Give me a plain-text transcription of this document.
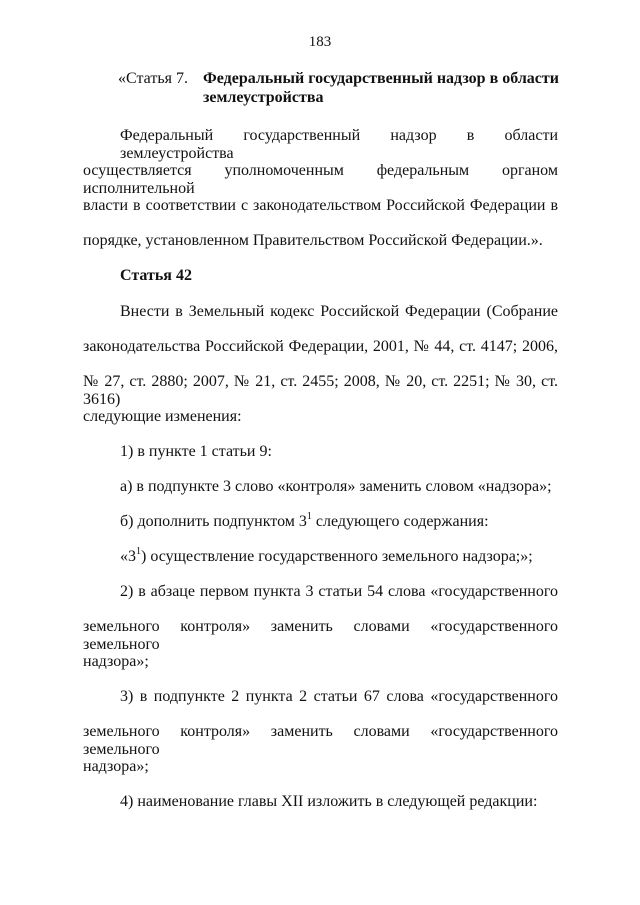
183
«Статья 7. Федеральный государственный надзор в области
землеустройства
Федеральный государственный надзор в области землеустройства
осуществляется уполномоченным федеральным органом исполнительной
власти в соответствии с законодательством Российской Федерации в
порядке, установленном Правительством Российской Федерации.».
Статья 42
Внести в Земельный кодекс Российской Федерации (Собрание
законодательства Российской Федерации, 2001, № 44, ст. 4147; 2006,
№ 27, ст. 2880; 2007, № 21, ст. 2455; 2008, № 20, ст. 2251; № 30, ст. 3616)
следующие изменения:
1) в пункте 1 статьи 9:
а) в подпункте 3 слово «контроля» заменить словом «надзора»;
б) дополнить подпунктом $3^1$ следующего содержания:
«$3^1$) осуществление государственного земельного надзора;»;
2) в абзаце первом пункта 3 статьи 54 слова «государственного
земельного контроля» заменить словами «государственного земельного
надзора»;
3) в подпункте 2 пункта 2 статьи 67 слова «государственного
земельного контроля» заменить словами «государственного земельного
надзора»;
4) наименование главы XII изложить в следующей редакции:
